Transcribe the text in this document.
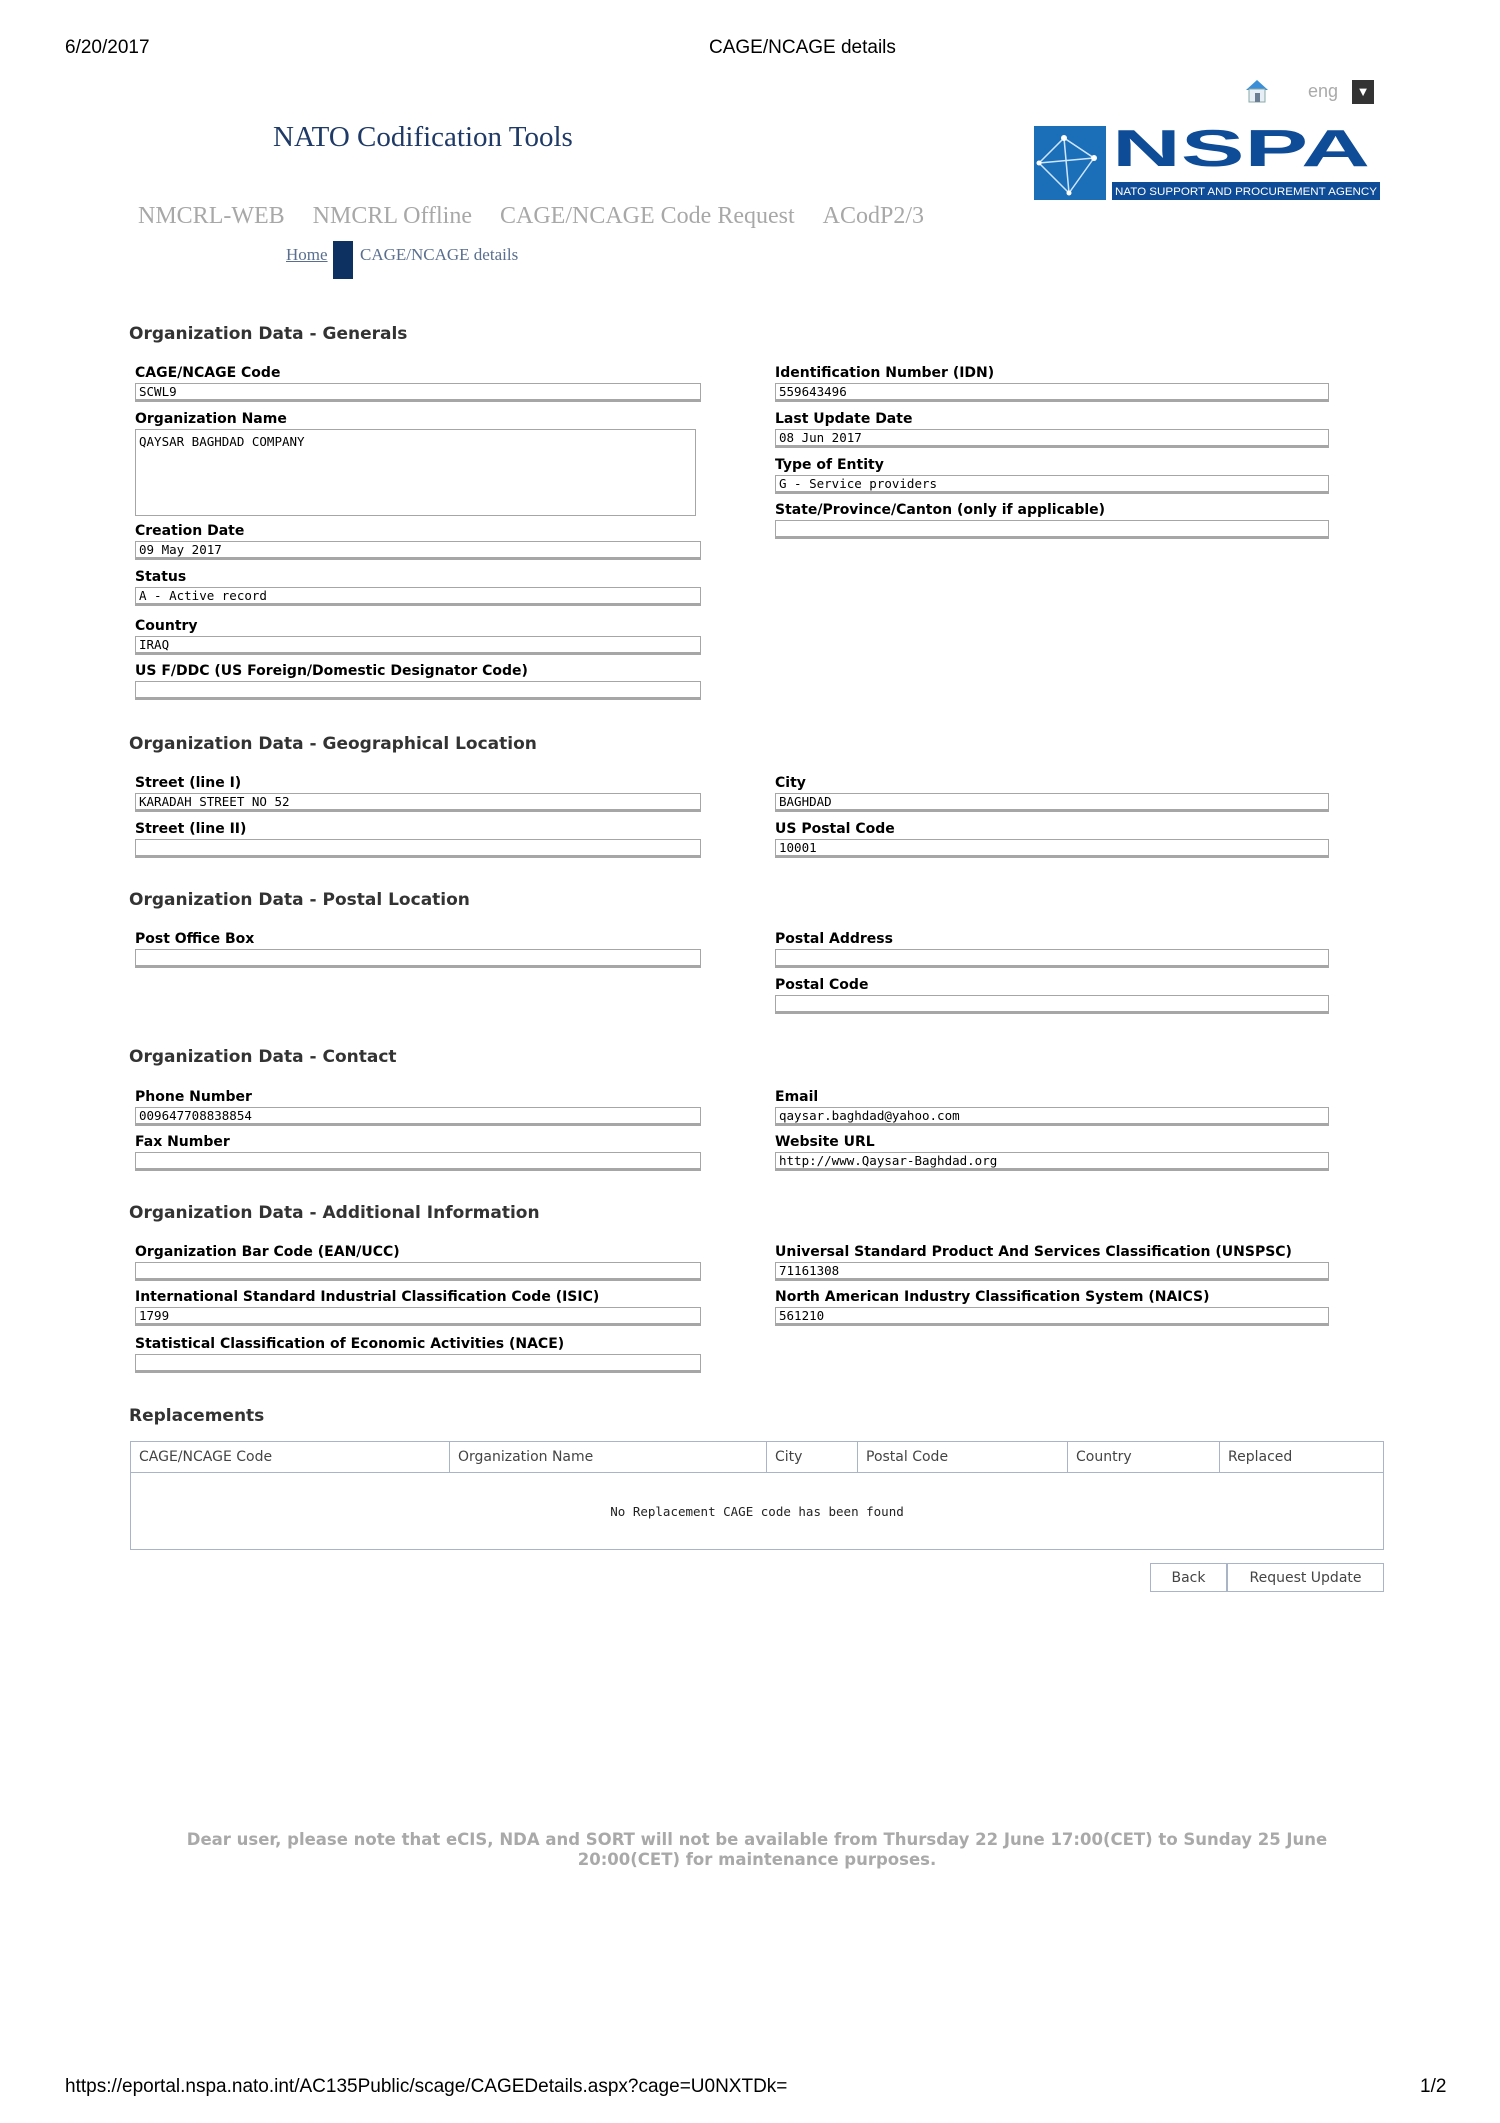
6/20/2017	CAGE/NCAGE details
eng	▼
NATO Codification Tools	NSPA
NATO SUPPORT AND PROCUREMENT AGENCY
NMCRL-WEB NMCRL Offline CAGE/NCAGE Code Request ACodP2/3
Home CAGE/NCAGE details
Organization Data - Generals
Organization Data - Geographical Location
Organization Data - Postal Location
Organization Data - Contact
Organization Data - Additional Information
Replacements
CAGE/NCAGE Code
SCWL9
Organization Name
QAYSAR BAGHDAD COMPANY
Creation Date
09 May 2017
Status
A - Active record
Country
IRAQ
US F/DDC (US Foreign/Domestic Designator Code)
Identification Number (IDN)
559643496
Last Update Date
08 Jun 2017
Type of Entity
G - Service providers
State/Province/Canton (only if applicable)
Street (line I)
KARADAH STREET NO 52
Street (line II)
City
BAGHDAD
US Postal Code
10001
Post Office Box	Postal Address
Postal Code
Phone Number
009647708838854
Fax Number
Email
qaysar.baghdad@yahoo.com
Website URL
http://www.Qaysar-Baghdad.org
Organization Bar Code (EAN/UCC)
International Standard Industrial Classification Code (ISIC)
1799
Statistical Classification of Economic Activities (NACE)
Universal Standard Product And Services Classification (UNSPSC)
71161308
North American Industry Classification System (NAICS)
561210
CAGE/NCAGE Code	Organization Name	City	Postal Code	Country	Replaced
No Replacement CAGE code has been found
Back	Request Update
Dear user, please note that eCIS, NDA and SORT will not be available from Thursday 22 June 17:00(CET) to Sunday 25 June 20:00(CET) for maintenance purposes.
https://eportal.nspa.nato.int/AC135Public/scage/CAGEDetails.aspx?cage=U0NXTDk=	1/2
